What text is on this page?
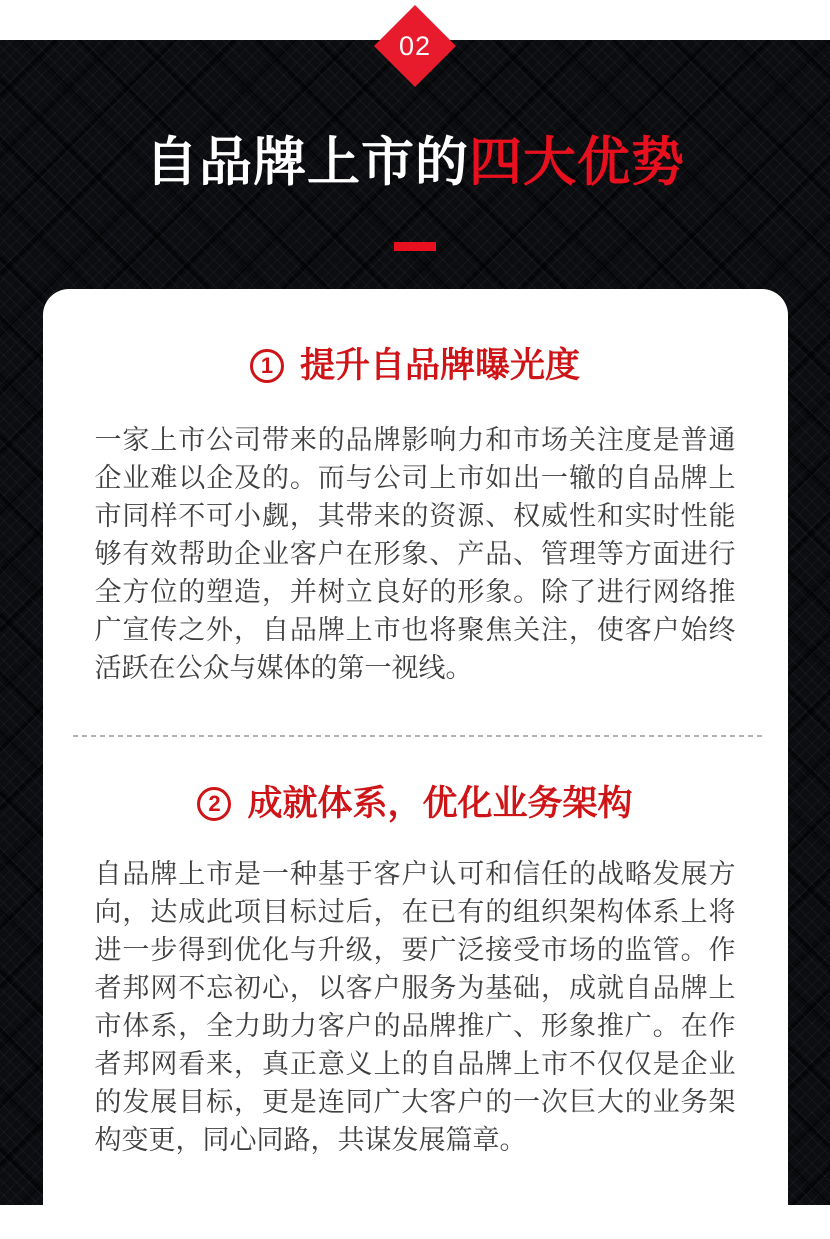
02
自品牌上市的四大优势
1 提升自品牌曝光度

一家上市公司带来的品牌影响力和市场关注度是普通企业难以企及的。而与公司上市如出一辙的自品牌上市同样不可小觑，其带来的资源、权威性和实时性能够有效帮助企业客户在形象、产品、管理等方面进行全方位的塑造，并树立良好的形象。除了进行网络推广宣传之外，自品牌上市也将聚焦关注，使客户始终活跃在公众与媒体的第一视线。

2 成就体系，优化业务架构

自品牌上市是一种基于客户认可和信任的战略发展方向，达成此项目标过后，在已有的组织架构体系上将进一步得到优化与升级，要广泛接受市场的监管。作者邦网不忘初心，以客户服务为基础，成就自品牌上市体系，全力助力客户的品牌推广、形象推广。在作者邦网看来，真正意义上的自品牌上市不仅仅是企业的发展目标，更是连同广大客户的一次巨大的业务架构变更，同心同路，共谋发展篇章。
